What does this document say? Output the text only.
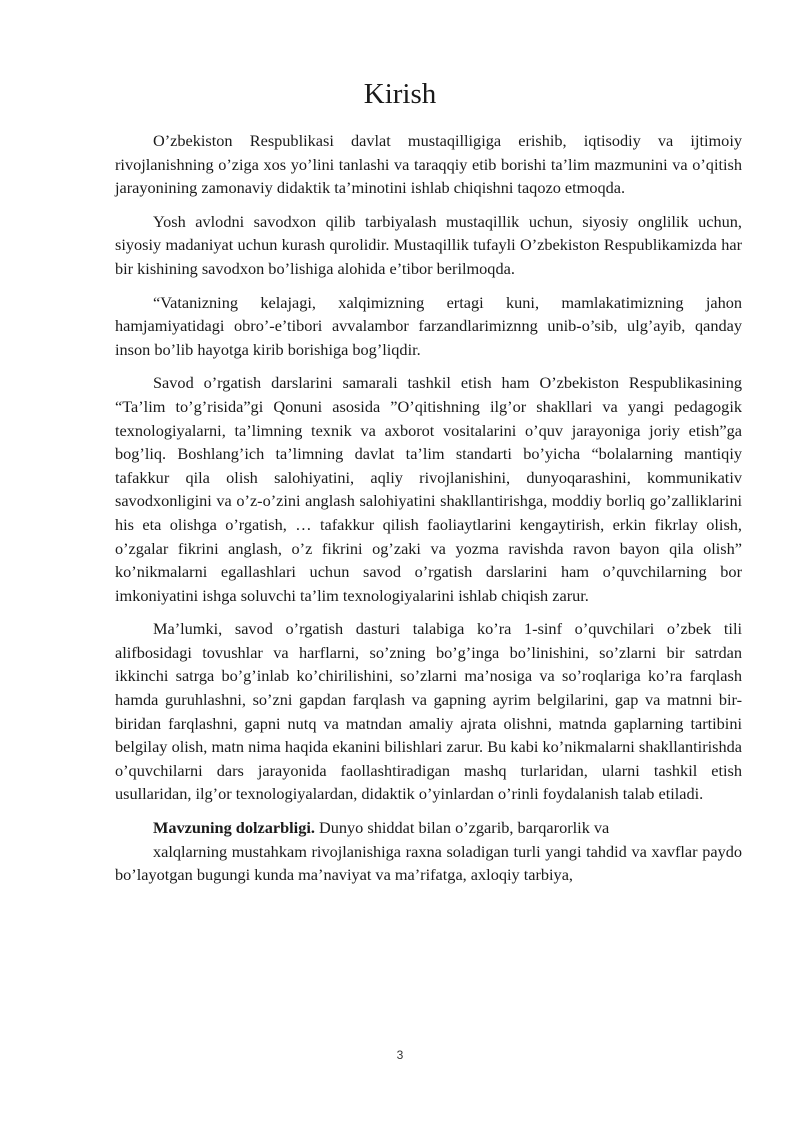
Kirish

O’zbekiston Respublikasi davlat mustaqilligiga erishib, iqtisodiy va ijtimoiy rivojlanishning o’ziga xos yo’lini tanlashi va taraqqiy etib borishi ta’lim mazmunini va o’qitish jarayonining zamonaviy didaktik ta’minotini ishlab chiqishni taqozo etmoqda.

Yosh avlodni savodxon qilib tarbiyalash mustaqillik uchun, siyosiy onglilik uchun, siyosiy madaniyat uchun kurash qurolidir. Mustaqillik tufayli O’zbekiston Respublikamizda har bir kishining savodxon bo’lishiga alohida e’tibor berilmoqda.

“Vatanizning kelajagi, xalqimizning ertagi kuni, mamlakatimizning jahon hamjamiyatidagi obro’-e’tibori avvalambor farzandlarimiznng unib-o’sib, ulg’ayib, qanday inson bo’lib hayotga kirib borishiga bog’liqdir.

Savod o’rgatish darslarini samarali tashkil etish ham O’zbekiston Respublikasining “Ta’lim to’g’risida”gi Qonuni asosida ”O’qitishning ilg’or shakllari va yangi pedagogik texnologiyalarni, ta’limning texnik va axborot vositalarini o’quv jarayoniga joriy etish”ga bog’liq. Boshlang’ich ta’limning davlat ta’lim standarti bo’yicha “bolalarning mantiqiy tafakkur qila olish salohiyatini, aqliy rivojlanishini, dunyoqarashini, kommunikativ savodxonligini va o’z-o’zini anglash salohiyatini shakllantirishga, moddiy borliq go’zalliklarini his eta olishga o’rgatish, … tafakkur qilish faoliaytlarini kengaytirish, erkin fikrlay olish, o’zgalar fikrini anglash, o’z fikrini og’zaki va yozma ravishda ravon bayon qila olish” ko’nikmalarni egallashlari uchun savod o’rgatish darslarini ham o’quvchilarning bor imkoniyatini ishga soluvchi ta’lim texnologiyalarini ishlab chiqish zarur.

Ma’lumki, savod o’rgatish dasturi talabiga ko’ra 1-sinf o’quvchilari o’zbek tili alifbosidagi tovushlar va harflarni, so’zning bo’g’inga bo’linishini, so’zlarni bir satrdan ikkinchi satrga bo’g’inlab ko’chirilishini, so’zlarni ma’nosiga va so’roqlariga ko’ra farqlash hamda guruhlashni, so’zni gapdan farqlash va gapning ayrim belgilarini, gap va matnni bir-biridan farqlashni, gapni nutq va matndan amaliy ajrata olishni, matnda gaplarning tartibini belgilay olish, matn nima haqida ekanini bilishlari zarur. Bu kabi ko’nikmalarni shakllantirishda o’quvchilarni dars jarayonida faollashtiradigan mashq turlaridan, ularni tashkil etish usullaridan, ilg’or texnologiyalardan, didaktik o’yinlardan o’rinli foydalanish talab etiladi.

Mavzuning dolzarbligi. Dunyo shiddat bilan o’zgarib, barqarorlik va

xalqlarning mustahkam rivojlanishiga raxna soladigan turli yangi tahdid va xavflar paydo bo’layotgan bugungi kunda ma’naviyat va ma’rifatga, axloqiy tarbiya,

3
